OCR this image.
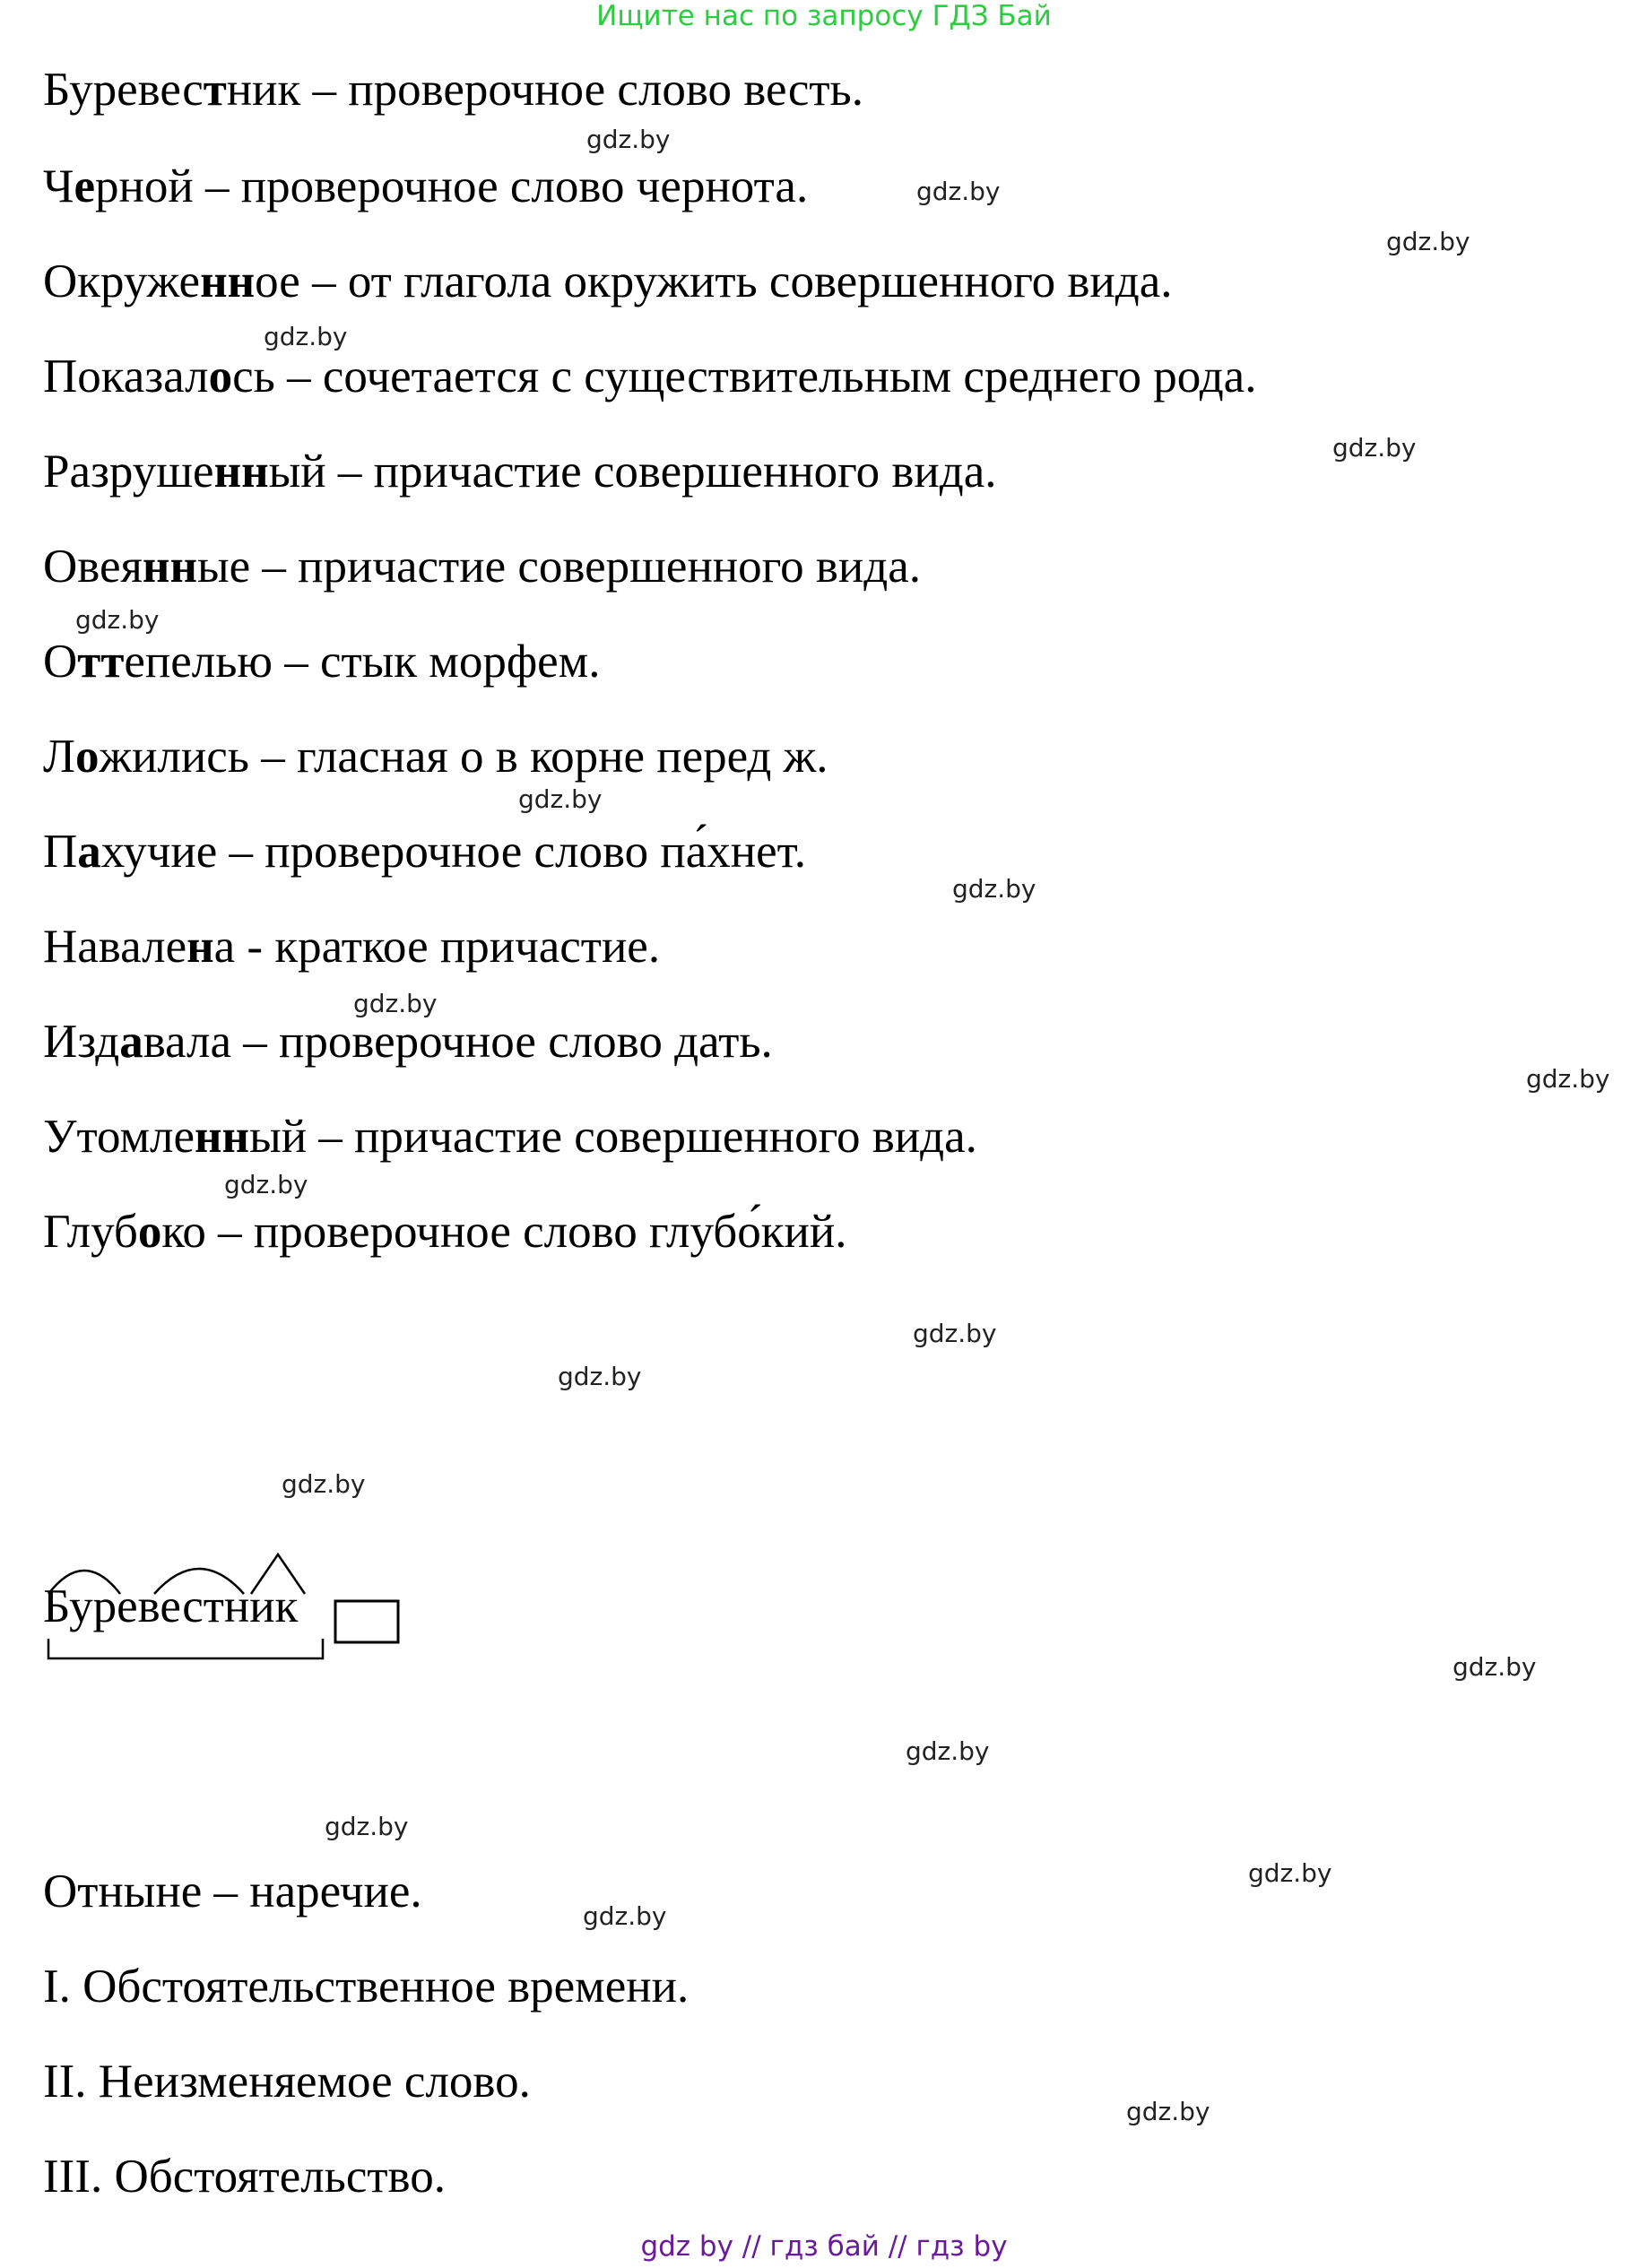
Ищите нас по запросу ГДЗ Бай
Буревестник – проверочное слово весть.
Черной – проверочное слово чернота.
Окруженное – от глагола окружить совершенного вида.
Показалось – сочетается с существительным среднего рода.
Разрушенный – причастие совершенного вида.
Овеянные – причастие совершенного вида.
Оттепелью – стык морфем.
Ложились – гласная о в корне перед ж.
Пахучие – проверочное слово па́хнет.
Навалена - краткое причастие.
Издавала – проверочное слово дать.
Утомленный – причастие совершенного вида.
Глубоко – проверочное слово глубо́кий.
Буревестник
Отныне – наречие.
I. Обстоятельственное времени.
II. Неизменяемое слово.
III. Обстоятельство.
gdz.by
gdz.by
gdz.by
gdz.by
gdz.by
gdz.by
gdz.by
gdz.by
gdz.by
gdz.by
gdz.by
gdz.by
gdz.by
gdz.by
gdz.by
gdz.by
gdz.by
gdz.by
gdz.by
gdz.by
gdz by // гдз бай // гдз by
